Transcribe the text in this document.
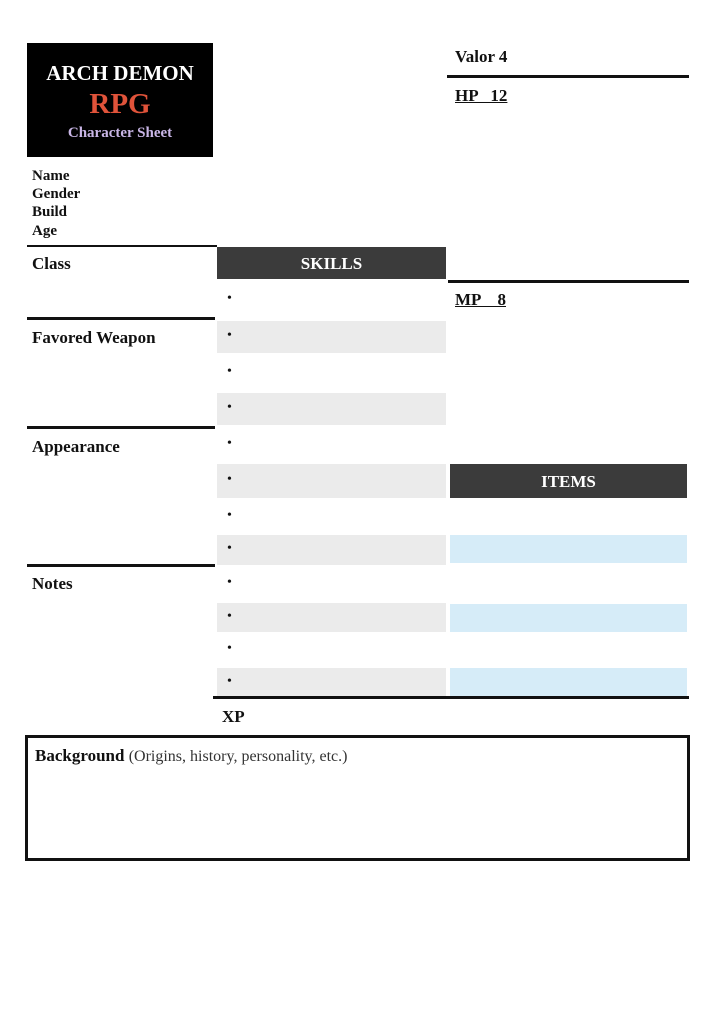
ARCH DEMON
RPG
Character Sheet
Name
Gender
Build
Age
Class
Favored Weapon
Appearance
Notes
SKILLS
•
•
•
•
•
•
•
•
•
•
•
•
Valor 4
HP   12
MP    8
ITEMS
XP
Background (Origins, history, personality, etc.)
